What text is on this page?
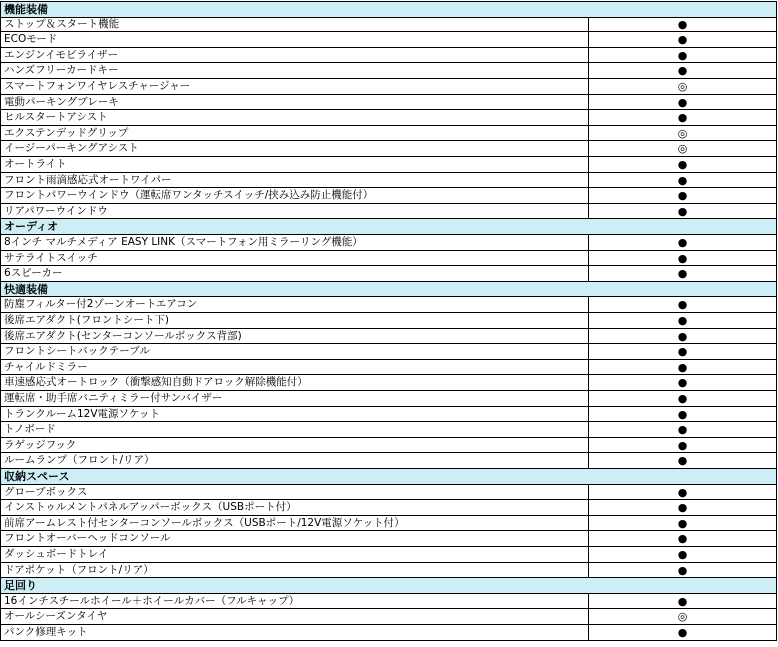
機能装備
ストップ＆スタート機能	●
ECOモード	●
エンジンイモビライザー	●
ハンズフリーカードキー	●
スマートフォンワイヤレスチャージャー	◎
電動パーキングブレーキ	●
ヒルスタートアシスト	●
エクステンデッドグリップ	◎
イージーパーキングアシスト	◎
オートライト	●
フロント雨滴感応式オートワイパー	●
フロントパワーウインドウ（運転席ワンタッチスイッチ/挟み込み防止機能付）	●
リアパワーウインドウ	●
オーディオ
8インチ マルチメディア EASY LINK（スマートフォン用ミラーリング機能）	●
サテライトスイッチ	●
6スピーカー	●
快適装備
防塵フィルター付2ゾーンオートエアコン	●
後席エアダクト(フロントシート下)	●
後席エアダクト(センターコンソールボックス背部)	●
フロントシートバックテーブル	●
チャイルドミラー	●
車速感応式オートロック（衝撃感知自動ドアロック解除機能付）	●
運転席・助手席バニティミラー付サンバイザー	●
トランクルーム12V電源ソケット	●
トノボード	●
ラゲッジフック	●
ルームランプ（フロント/リア）	●
収納スペース
グローブボックス	●
インストゥルメントパネルアッパーボックス（USBポート付）	●
前席アームレスト付センターコンソールボックス（USBポート/12V電源ソケット付）	●
フロントオーバーヘッドコンソール	●
ダッシュボードトレイ	●
ドアポケット（フロント/リア）	●
足回り
16インチスチールホイール＋ホイールカバー（フルキャップ）	●
オールシーズンタイヤ	◎
パンク修理キット	●
